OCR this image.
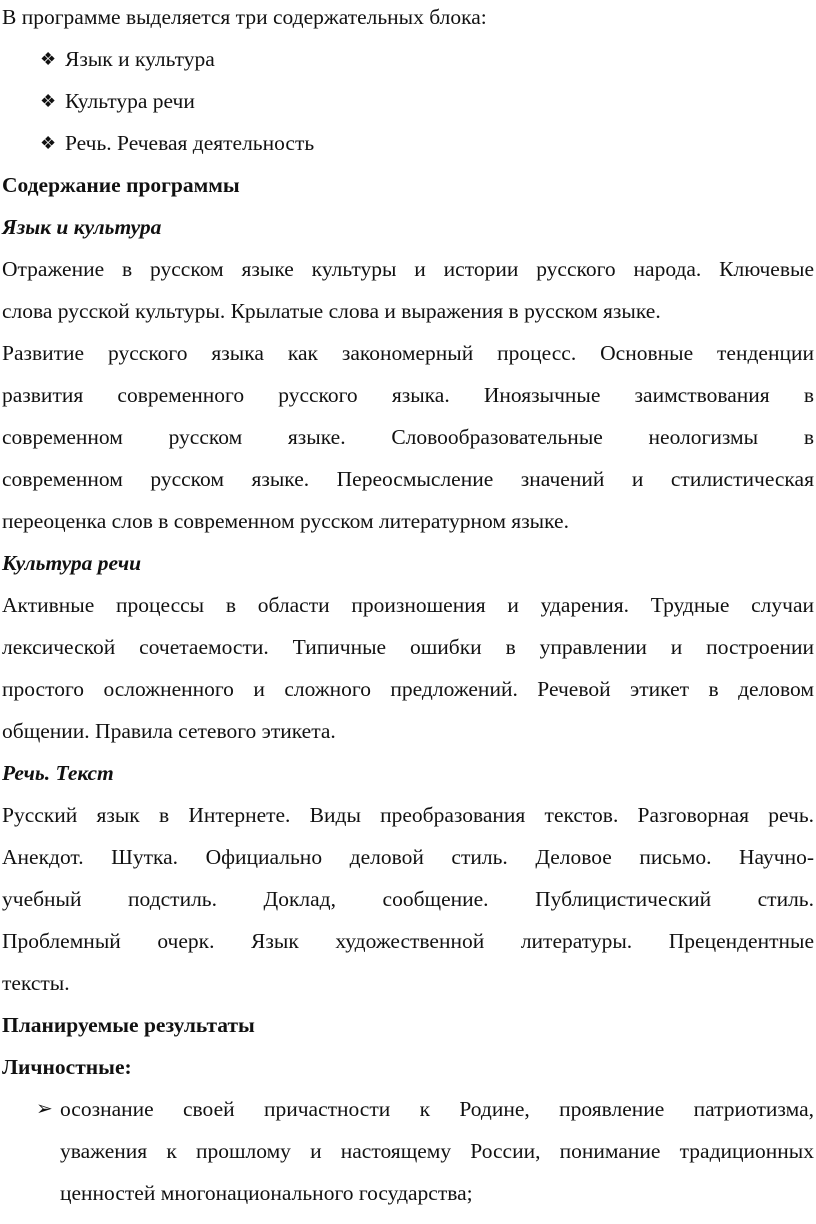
В программе выделяется три содержательных блока:

❖ Язык и культура
❖ Культура речи
❖ Речь. Речевая деятельность

Содержание программы

Язык и культура

Отражение в русском языке культуры и истории русского народа. Ключевые

слова русской культуры. Крылатые слова и выражения в русском языке.

Развитие русского языка как закономерный процесс. Основные тенденции

развития современного русского языка. Иноязычные заимствования в

современном русском языке. Словообразовательные неологизмы в

современном русском языке. Переосмысление значений и стилистическая

переоценка слов в современном русском литературном языке.

Культура речи

Активные процессы в области произношения и ударения. Трудные случаи

лексической сочетаемости. Типичные ошибки в управлении и построении

простого осложненного и сложного предложений. Речевой этикет в деловом

общении. Правила сетевого этикета.

Речь. Текст

Русский язык в Интернете. Виды преобразования текстов. Разговорная речь.

Анекдот. Шутка. Официально деловой стиль. Деловое письмо. Научно-

учебный подстиль. Доклад, сообщение. Публицистический стиль.

Проблемный очерк. Язык художественной литературы. Прецендентные

тексты.

Планируемые результаты

Личностные:

➢ осознание своей причастности к Родине, проявление патриотизма,

уважения к прошлому и настоящему России, понимание традиционных

ценностей многонационального государства;
